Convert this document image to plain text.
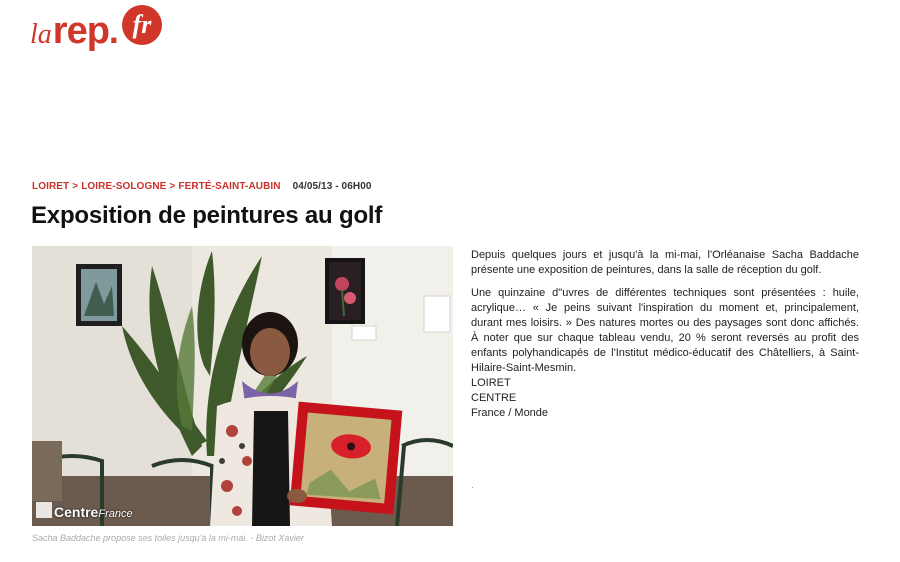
la rep . fr
LOIRET > LOIRE-SOLOGNE > FERTÉ-SAINT-AUBIN 04/05/13 - 06H00
Exposition de peintures au golf
CentreFrance
Sacha Baddache propose ses toiles jusqu'à la mi-mai. - Bizot Xavier

Depuis quelques jours et jusqu'à la mi-mai, l'Orléanaise Sacha Baddache présente une exposition de peintures, dans la salle de réception du golf.

Une quinzaine d"uvres de différentes techniques sont présentées : huile, acrylique… « Je peins suivant l'inspiration du moment et, principalement, durant mes loisirs. » Des natures mortes ou des paysages sont donc affichés. À noter que sur chaque tableau vendu, 20 % seront reversés au profit des enfants polyhandicapés de l'Institut médico-éducatif des Châtelliers, à Saint-Hilaire-Saint-Mesmin.

LOIRET
CENTRE
France / Monde
.
